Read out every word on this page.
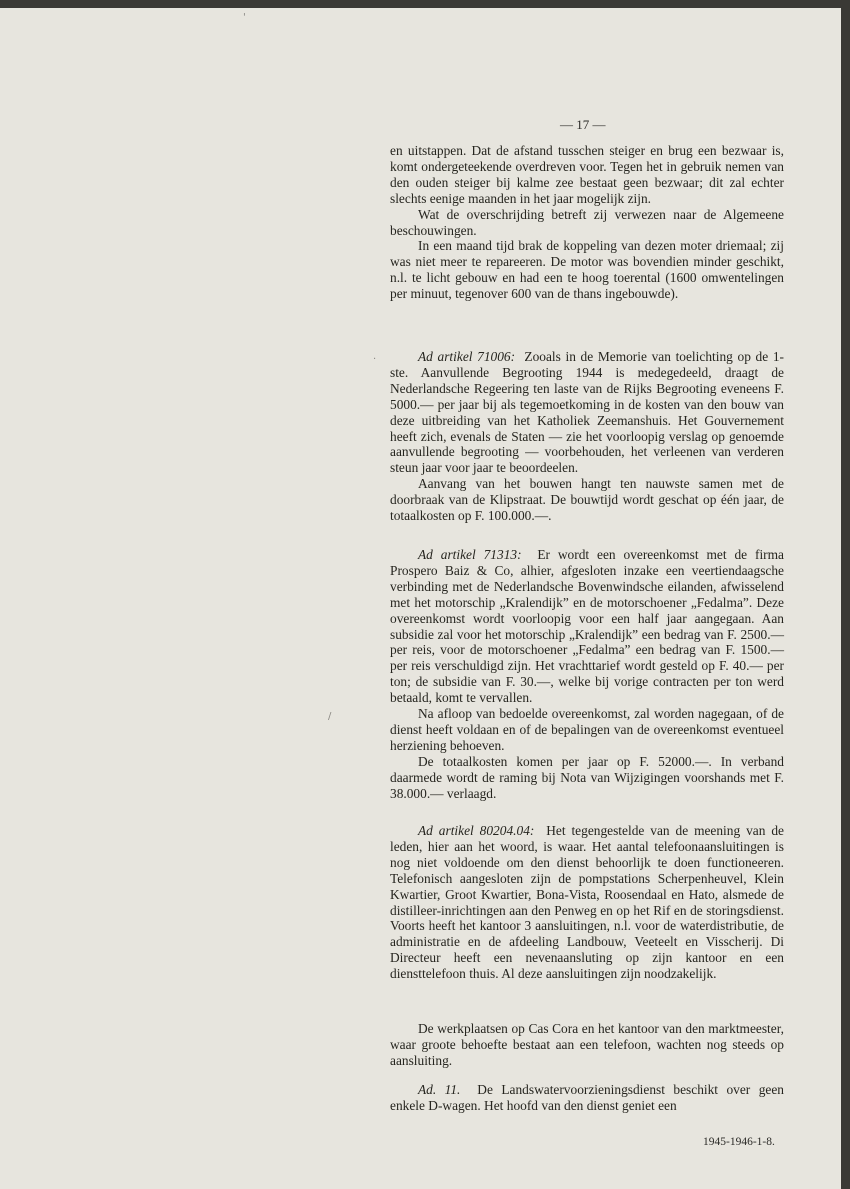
'
·
/
— 17 —

en uitstappen. Dat de afstand tusschen steiger en brug een bezwaar is, komt ondergeteekende overdreven voor. Tegen het in gebruik nemen van den ouden steiger bij kalme zee bestaat geen bezwaar; dit zal echter slechts eenige maanden in het jaar mogelijk zijn.

Wat de overschrijding betreft zij verwezen naar de Algemeene beschouwingen.

In een maand tijd brak de koppeling van dezen moter driemaal; zij was niet meer te repareeren. De motor was bovendien minder geschikt, n.l. te licht gebouw en had een te hoog toerental (1600 omwentelingen per minuut, tegenover 600 van de thans ingebouwde).

Ad artikel 71006: Zooals in de Memorie van toelichting op de 1-ste. Aanvullende Begrooting 1944 is medegedeeld, draagt de Nederlandsche Regeering ten laste van de Rijks Begrooting eveneens F. 5000.— per jaar bij als tegemoetkoming in de kosten van den bouw van deze uitbreiding van het Katholiek Zeemanshuis. Het Gouvernement heeft zich, evenals de Staten — zie het voorloopig verslag op genoemde aanvullende begrooting — voorbehouden, het verleenen van verderen steun jaar voor jaar te beoordeelen.

Aanvang van het bouwen hangt ten nauwste samen met de doorbraak van de Klipstraat. De bouwtijd wordt geschat op één jaar, de totaalkosten op F. 100.000.—.

Ad artikel 71313: Er wordt een overeenkomst met de firma Prospero Baiz & Co, alhier, afgesloten inzake een veertiendaagsche verbinding met de Nederlandsche Bovenwindsche eilanden, afwisselend met het motorschip „Kralendijk” en de motorschoener „Fedalma”. Deze overeenkomst wordt voorloopig voor een half jaar aangegaan. Aan subsidie zal voor het motorschip „Kralendijk” een bedrag van F. 2500.— per reis, voor de motorschoener „Fedalma” een bedrag van F. 1500.— per reis verschuldigd zijn. Het vrachttarief wordt gesteld op F. 40.— per ton; de subsidie van F. 30.—, welke bij vorige contracten per ton werd betaald, komt te vervallen.

Na afloop van bedoelde overeenkomst, zal worden nagegaan, of de dienst heeft voldaan en of de bepalingen van de overeenkomst eventueel herziening behoeven.

De totaalkosten komen per jaar op F. 52000.—. In verband daarmede wordt de raming bij Nota van Wijzigingen voorshands met F. 38.000.— verlaagd.

Ad artikel 80204.04: Het tegengestelde van de meening van de leden, hier aan het woord, is waar. Het aantal telefoonaansluitingen is nog niet voldoende om den dienst behoorlijk te doen functioneeren. Telefonisch aangesloten zijn de pompstations Scherpenheuvel, Klein Kwartier, Groot Kwartier, Bona-Vista, Roosendaal en Hato, alsmede de distilleer-inrichtingen aan den Penweg en op het Rif en de storingsdienst. Voorts heeft het kantoor 3 aansluitingen, n.l. voor de waterdistributie, de administratie en de afdeeling Landbouw, Veeteelt en Visscherij. Di Directeur heeft een nevenaansluting op zijn kantoor en een diensttelefoon thuis. Al deze aansluitingen zijn noodzakelijk.

De werkplaatsen op Cas Cora en het kantoor van den marktmeester, waar groote behoefte bestaat aan een telefoon, wachten nog steeds op aansluiting.

Ad. 11. De Landswatervoorzieningsdienst beschikt over geen enkele D-wagen. Het hoofd van den dienst geniet een

1945-1946-1-8.
